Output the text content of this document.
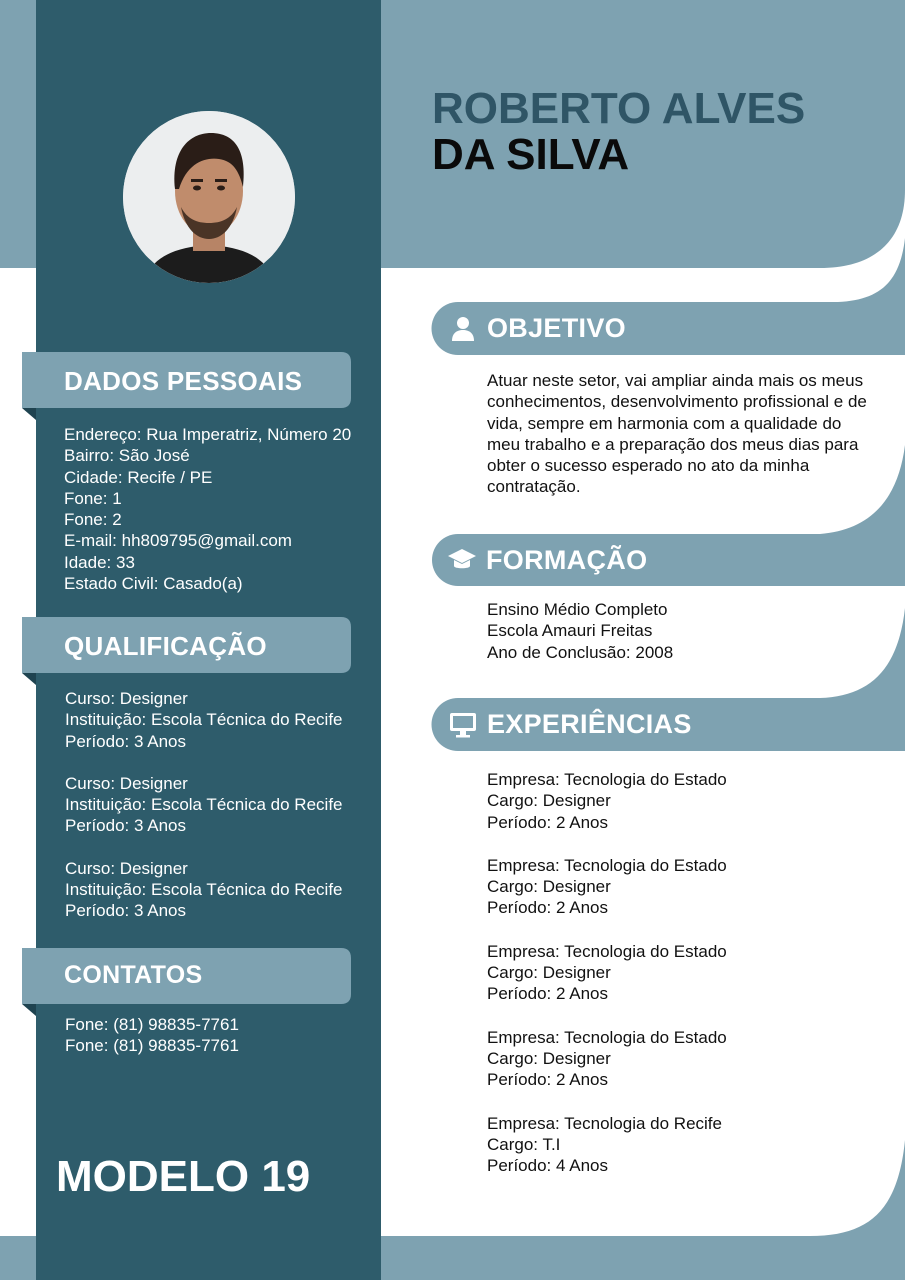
ROBERTO ALVES
DA SILVA
DADOS PESSOAIS
Endereço: Rua Imperatriz, Número 20
Bairro: São José
Cidade: Recife / PE
Fone: 1
Fone: 2
E-mail: hh809795@gmail.com
Idade: 33
Estado Civil: Casado(a)
QUALIFICAÇÃO
Curso: Designer
Instituição: Escola Técnica do Recife
Período: 3 Anos
Curso: Designer
Instituição: Escola Técnica do Recife
Período: 3 Anos
Curso: Designer
Instituição: Escola Técnica do Recife
Período: 3 Anos
CONTATOS
Fone: (81) 98835-7761
Fone: (81) 98835-7761
MODELO 19
OBJETIVO
Atuar neste setor, vai ampliar ainda mais os meus
conhecimentos, desenvolvimento profissional e de
vida, sempre em harmonia com a qualidade do
meu trabalho e a preparação dos meus dias para
obter o sucesso esperado no ato da minha
contratação.
FORMAÇÃO
Ensino Médio Completo
Escola Amauri Freitas
Ano de Conclusão: 2008
EXPERIÊNCIAS
Empresa: Tecnologia do Estado
Cargo: Designer
Período: 2 Anos
Empresa: Tecnologia do Estado
Cargo: Designer
Período: 2 Anos
Empresa: Tecnologia do Estado
Cargo: Designer
Período: 2 Anos
Empresa: Tecnologia do Estado
Cargo: Designer
Período: 2 Anos
Empresa: Tecnologia do Recife
Cargo: T.I
Período: 4 Anos
